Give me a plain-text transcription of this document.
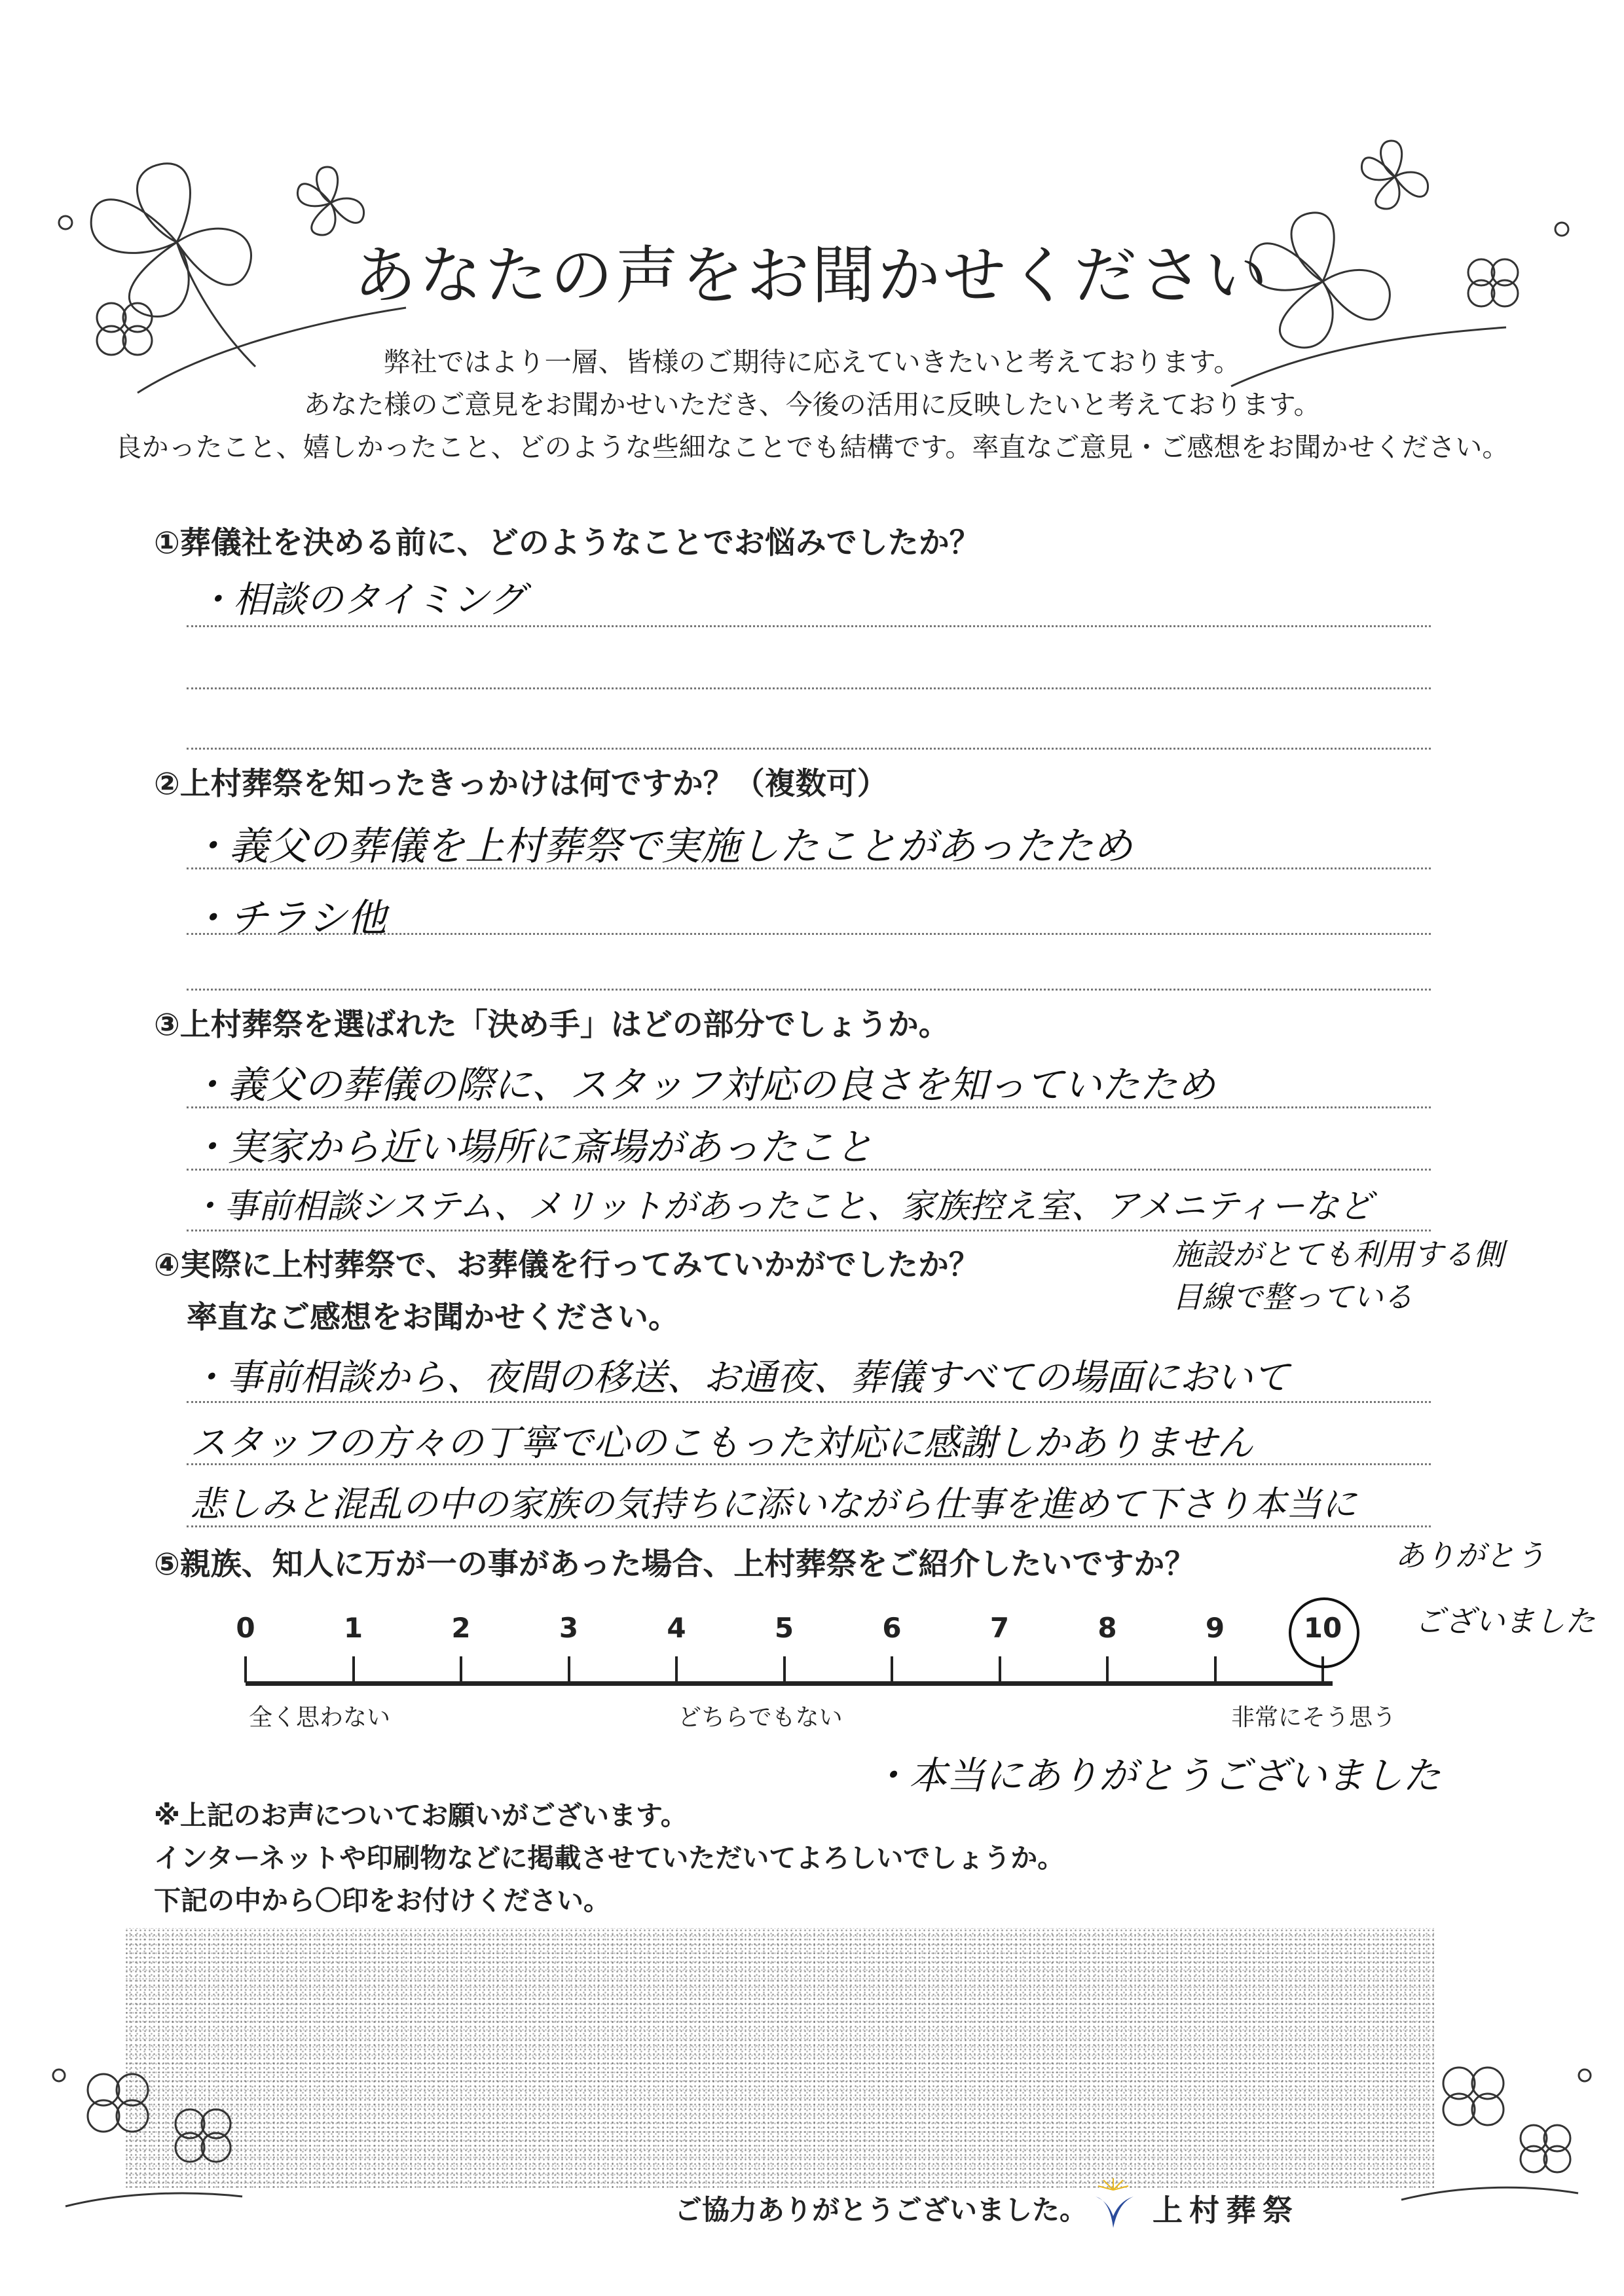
あなたの声をお聞かせください
弊社ではより一層、皆様のご期待に応えていきたいと考えております。
あなた様のご意見をお聞かせいただき、今後の活用に反映したいと考えております。
良かったこと、嬉しかったこと、どのような些細なことでも結構です。率直なご意見・ご感想をお聞かせください。
①葬儀社を決める前に、どのようなことでお悩みでしたか？
・相談のタイミング
②上村葬祭を知ったきっかけは何ですか？（複数可）
・義父の葬儀を上村葬祭で実施したことがあったため
・チラシ他
③上村葬祭を選ばれた「決め手」はどの部分でしょうか。
・義父の葬儀の際に、スタッフ対応の良さを知っていたため
・実家から近い場所に斎場があったこと
・事前相談システム、メリットがあったこと、家族控え室、アメニティーなど
④実際に上村葬祭で、お葬儀を行ってみていかがでしたか？
率直なご感想をお聞かせください。
施設がとても利用する側
目線で整っている
・事前相談から、夜間の移送、お通夜、葬儀すべての場面において
スタッフの方々の丁寧で心のこもった対応に感謝しかありません
悲しみと混乱の中の家族の気持ちに添いながら仕事を進めて下さり本当に
⑤親族、知人に万が一の事があった場合、上村葬祭をご紹介したいですか？	ありがとう
ございました
0	1	2	3	4	5	6	7	8	9	10
全く思わない	どちらでもない	非常にそう思う
・本当にありがとうございました
※上記のお声についてお願いがございます。
インターネットや印刷物などに掲載させていただいてよろしいでしょうか。
下記の中から〇印をお付けください。
ご協力ありがとうございました。 上村葬祭
